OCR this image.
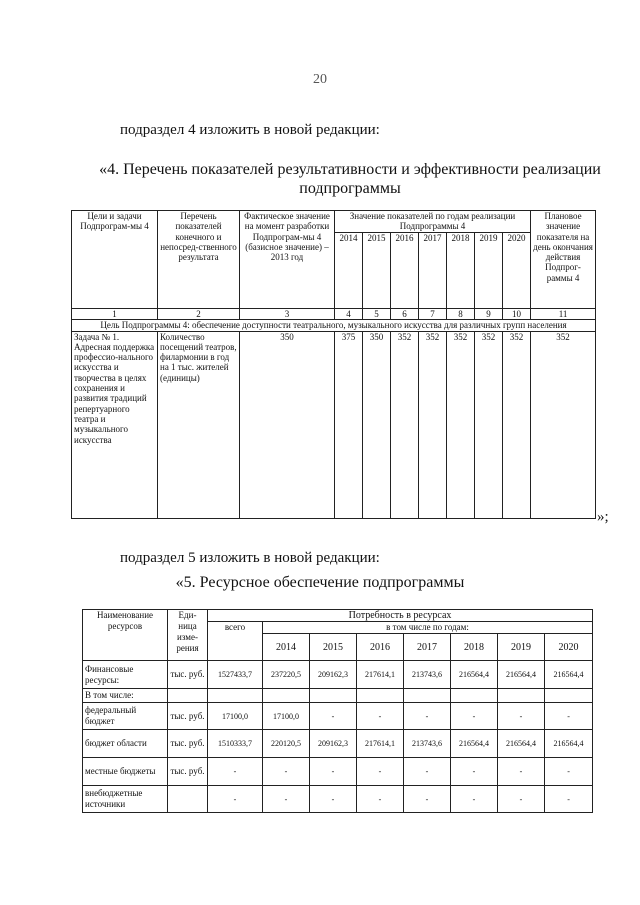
20
подраздел 4 изложить в новой редакции:
«4. Перечень показателей результативности и эффективности реализации
подпрограммы
Цели и задачи Подпрограм-мы 4	Перечень показателей конечного и непосред-ственного результата	Фактическое значение на момент разработки Подпрограм-мы 4 (базисное значение) – 2013 год	Значение показателей по годам реализации Подпрограммы 4							Плановое значение показателя на день окончания действия Подпрог-раммы 4
			2014	2015	2016	2017	2018	2019	2020	
1	2	3	4	5	6	7	8	9	10	11
Цель Подпрограммы 4: обеспечение доступности театрального, музыкального искусства для различных групп населения										
Задача № 1. Адресная поддержка профессио-нального искусства и творчества в целях сохранения и развития традиций репертуарного театра и музыкального искусства	Количество посещений театров, филармонии в год на 1 тыс. жителей (единицы)	350	375	350	352	352	352	352	352	352
»;
подраздел 5 изложить в новой редакции:
«5. Ресурсное обеспечение подпрограммы
Наименование ресурсов	Еди-ница изме-рения	Потребность в ресурсах							
		всего	в том числе по годам:						
			2014	2015	2016	2017	2018	2019	2020
Финансовые ресурсы:	тыс. руб.	1527433,7	237220,5	209162,3	217614,1	213743,6	216564,4	216564,4	216564,4
В том числе:									
федеральный бюджет	тыс. руб.	17100,0	17100,0	-	-	-	-	-	-
бюджет области	тыс. руб.	1510333,7	220120,5	209162,3	217614,1	213743,6	216564,4	216564,4	216564,4
местные бюджеты	тыс. руб.	-	-	-	-	-	-	-	-
внебюджетные источники		-	-	-	-	-	-	-	-
